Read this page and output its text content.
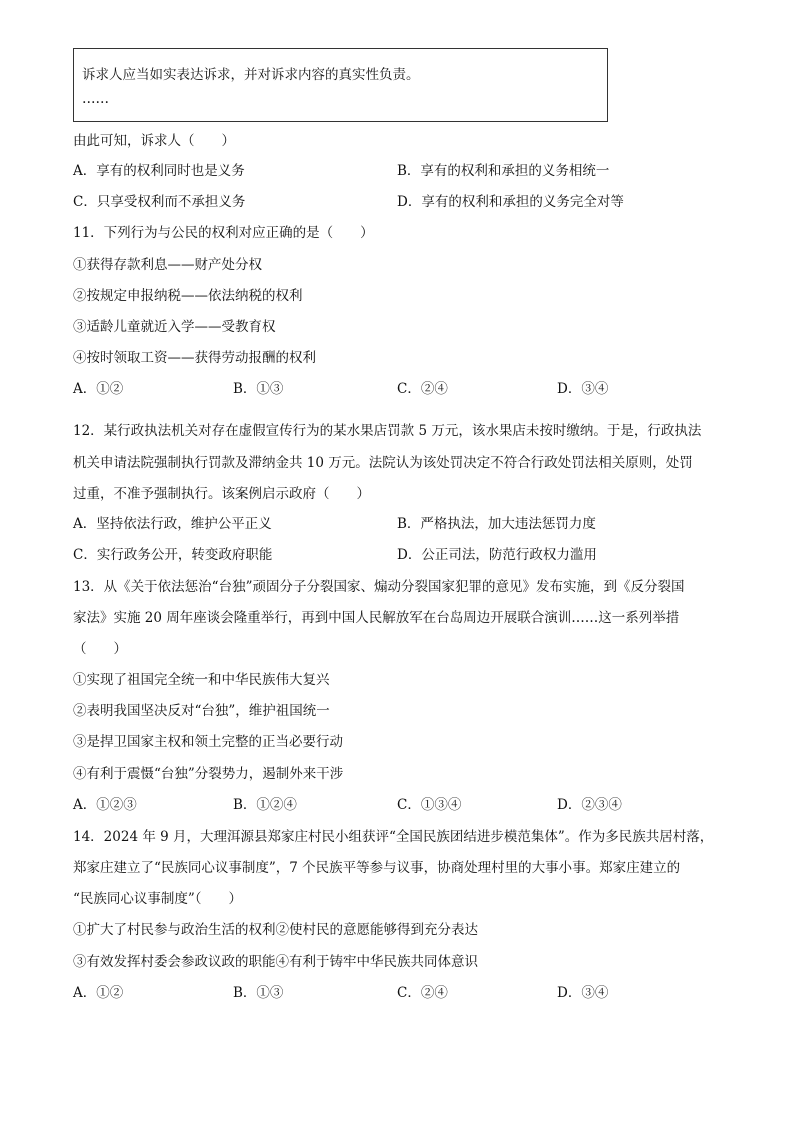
诉求人应当如实表达诉求，并对诉求内容的真实性负责。
……
由此可知，诉求人（　　）
A．享有的权利同时也是义务	B．享有的权利和承担的义务相统一
C．只享受权利而不承担义务	D．享有的权利和承担的义务完全对等
11．下列行为与公民的权利对应正确的是（　　）
①获得存款利息——财产处分权
②按规定申报纳税——依法纳税的权利
③适龄儿童就近入学——受教育权
④按时领取工资——获得劳动报酬的权利
A．①②	B．①③	C．②④	D．③④
12．某行政执法机关对存在虚假宣传行为的某水果店罚款 5 万元，该水果店未按时缴纳。于是，行政执法
机关申请法院强制执行罚款及滞纳金共 10 万元。法院认为该处罚决定不符合行政处罚法相关原则，处罚
过重，不准予强制执行。该案例启示政府（　　）
A．坚持依法行政，维护公平正义	B．严格执法，加大违法惩罚力度
C．实行政务公开，转变政府职能	D．公正司法，防范行政权力滥用
13．从《关于依法惩治“台独”顽固分子分裂国家、煽动分裂国家犯罪的意见》发布实施，到《反分裂国
家法》实施 20 周年座谈会隆重举行，再到中国人民解放军在台岛周边开展联合演训……这一系列举措
（　　）
①实现了祖国完全统一和中华民族伟大复兴
②表明我国坚决反对“台独”，维护祖国统一
③是捍卫国家主权和领土完整的正当必要行动
④有利于震慑“台独”分裂势力，遏制外来干涉
A．①②③	B．①②④	C．①③④	D．②③④
14．2024 年 9 月，大理洱源县郑家庄村民小组获评“全国民族团结进步模范集体”。作为多民族共居村落，
郑家庄建立了“民族同心议事制度”，7 个民族平等参与议事，协商处理村里的大事小事。郑家庄建立的
“民族同心议事制度”（　　）
①扩大了村民参与政治生活的权利②使村民的意愿能够得到充分表达
③有效发挥村委会参政议政的职能④有利于铸牢中华民族共同体意识
A．①②	B．①③	C．②④	D．③④
